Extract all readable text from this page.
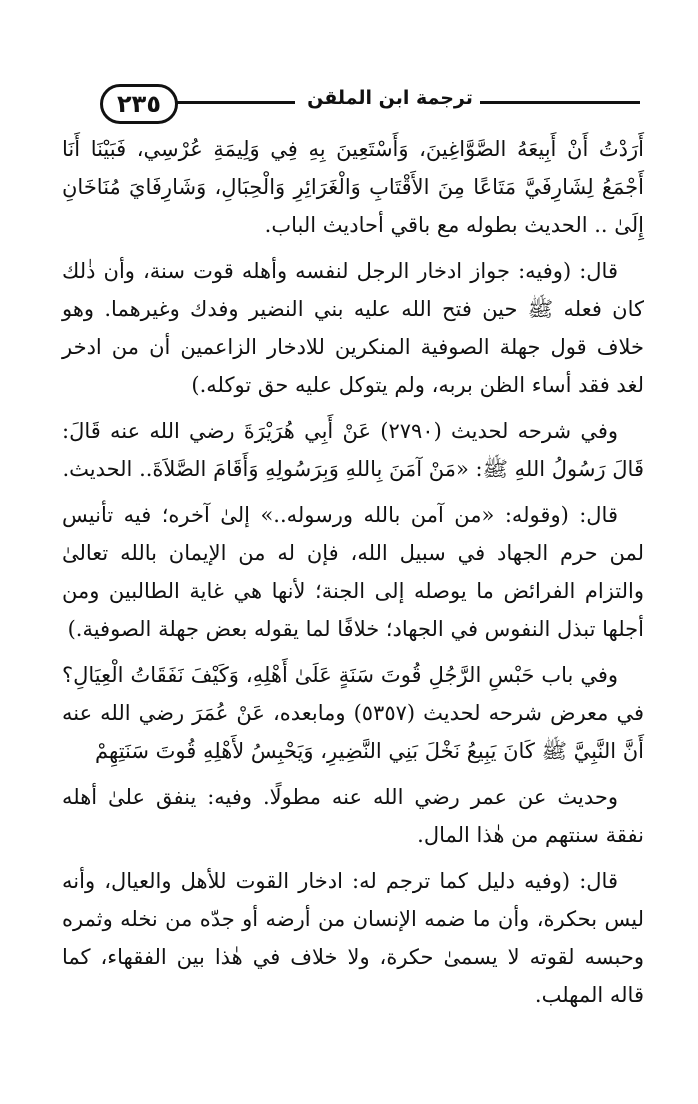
٢٣٥	ترجمة ابن الملقن

أَرَدْتُ أَنْ أَبِيعَهُ الصَّوَّاغِينَ، وَأَسْتَعِينَ بِهِ فِي وَلِيمَةِ عُرْسِي، فَبَيْنَا أَنَا أَجْمَعُ لِشَارِفَيَّ مَتَاعًا مِنَ الأَقْتَابِ وَالْغَرَائِرِ وَالْحِبَالِ، وَشَارِفَايَ مُنَاخَانِ إِلَىٰ .. الحديث بطوله مع باقي أحاديث الباب.

قال: (وفيه: جواز ادخار الرجل لنفسه وأهله قوت سنة، وأن ذٰلك كان فعله ﷺ حين فتح الله عليه بني النضير وفدك وغيرهما. وهو خلاف قول جهلة الصوفية المنكرين للادخار الزاعمين أن من ادخر لغد فقد أساء الظن بربه، ولم يتوكل عليه حق توكله.)

وفي شرحه لحديث (٢٧٩٠) عَنْ أَبِي هُرَيْرَةَ رضي الله عنه قَالَ: قَالَ رَسُولُ اللهِ ﷺ: «مَنْ آمَنَ بِاللهِ وَبِرَسُولِهِ وَأَقَامَ الصَّلاَةَ.. الحديث.

قال: (وقوله: «من آمن بالله ورسوله..» إلىٰ آخره؛ فيه تأنيس لمن حرم الجهاد في سبيل الله، فإن له من الإيمان بالله تعالىٰ والتزام الفرائض ما يوصله إلى الجنة؛ لأنها هي غاية الطالبين ومن أجلها تبذل النفوس في الجهاد؛ خلافًا لما يقوله بعض جهلة الصوفية.)

وفي باب حَبْسِ الرَّجُلِ قُوتَ سَنَةٍ عَلَىٰ أَهْلِهِ، وَكَيْفَ نَفَقَاتُ الْعِيَالِ؟ في معرض شرحه لحديث (٥٣٥٧) ومابعده، عَنْ عُمَرَ رضي الله عنه أَنَّ النَّبِيَّ ﷺ كَانَ يَبِيعُ نَخْلَ بَنِي النَّضِيرِ، وَيَحْبِسُ لأَهْلِهِ قُوتَ سَنَتِهِمْ

وحديث عن عمر رضي الله عنه مطولًا. وفيه: ينفق علىٰ أهله نفقة سنتهم من هٰذا المال.

قال: (وفيه دليل كما ترجم له: ادخار القوت للأهل والعيال، وأنه ليس بحكرة، وأن ما ضمه الإنسان من أرضه أو جدّه من نخله وثمره وحبسه لقوته لا يسمىٰ حكرة، ولا خلاف في هٰذا بين الفقهاء، كما قاله المهلب.
